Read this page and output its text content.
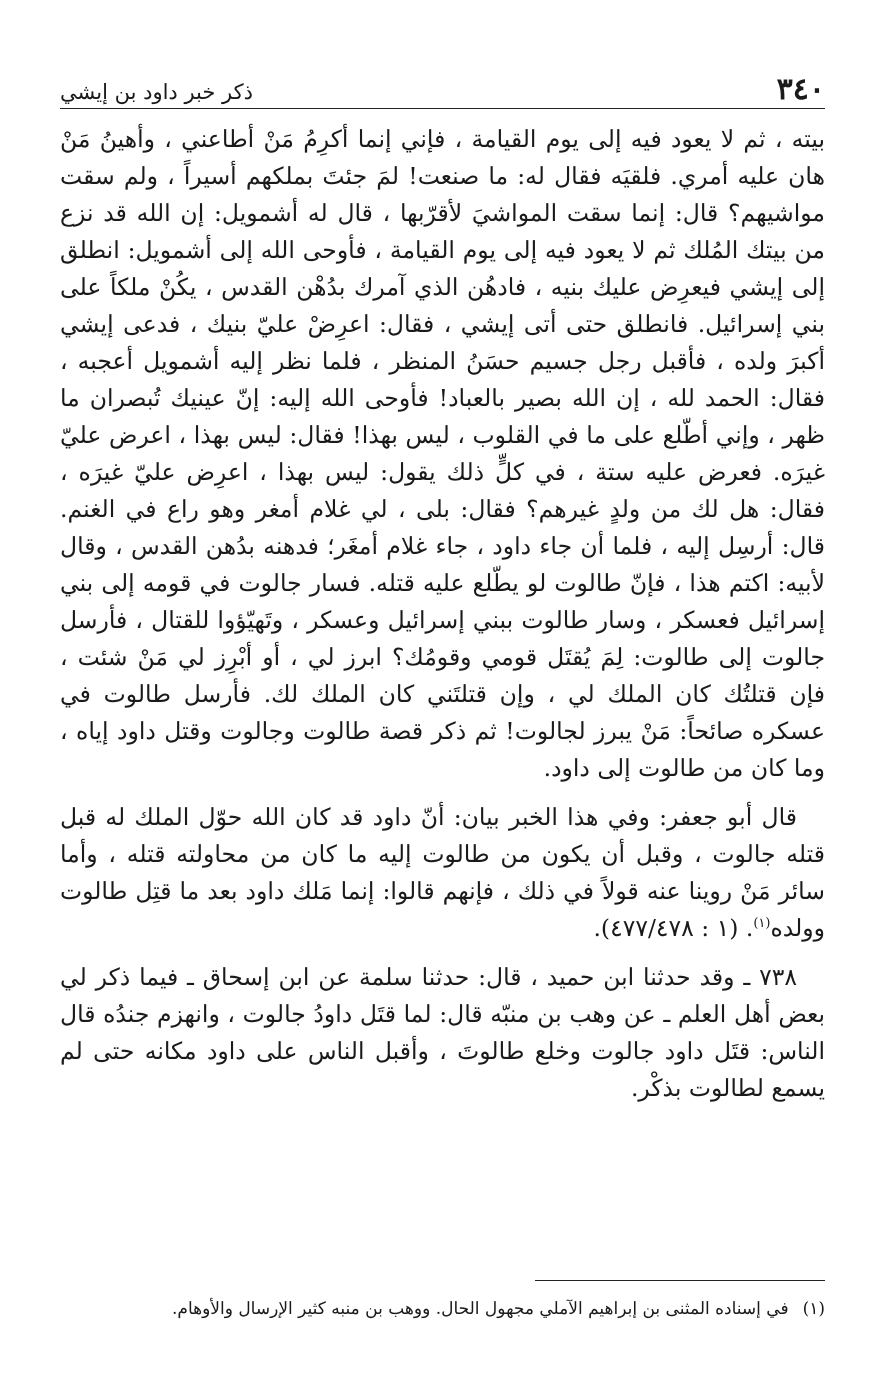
٣٤٠
ذكر خبر داود بن إيشي

بيته ، ثم لا يعود فيه إلى يوم القيامة ، فإني إنما أكرِمُ مَنْ أطاعني ، وأهينُ مَنْ هان عليه أمري. فلقيَه فقال له: ما صنعت! لمَ جئتَ بملكهم أسيراً ، ولم سقت مواشيهم؟ قال: إنما سقت المواشيَ لأقرّبها ، قال له أشمويل: إن الله قد نزع من بيتك المُلك ثم لا يعود فيه إلى يوم القيامة ، فأوحى الله إلى أشمويل: انطلق إلى إيشي فيعرِض عليك بنيه ، فادهُن الذي آمرك بدُهْن القدس ، يكُنْ ملكاً على بني إسرائيل. فانطلق حتى أتى إيشي ، فقال: اعرِضْ عليّ بنيك ، فدعى إيشي أكبرَ ولده ، فأقبل رجل جسيم حسَنُ المنظر ، فلما نظر إليه أشمويل أعجبه ، فقال: الحمد لله ، إن الله بصير بالعباد! فأوحى الله إليه: إنّ عينيك تُبصران ما ظهر ، وإني أطّلع على ما في القلوب ، ليس بهذا! فقال: ليس بهذا ، اعرض عليّ غيرَه. فعرض عليه ستة ، في كلٍّ ذلك يقول: ليس بهذا ، اعرِض عليّ غيرَه ، فقال: هل لك من ولدٍ غيرهم؟ فقال: بلى ، لي غلام أمغر وهو راع في الغنم. قال: أرسِل إليه ، فلما أن جاء داود ، جاء غلام أمغَر؛ فدهنه بدُهن القدس ، وقال لأبيه: اكتم هذا ، فإنّ طالوت لو يطّلع عليه قتله. فسار جالوت في قومه إلى بني إسرائيل فعسكر ، وسار طالوت ببني إسرائيل وعسكر ، وتَهيّؤوا للقتال ، فأرسل جالوت إلى طالوت: لِمَ يُقتَل قومي وقومُك؟ ابرز لي ، أو أبْرِز لي مَنْ شئت ، فإن قتلتُك كان الملك لي ، وإن قتلتَني كان الملك لك. فأرسل طالوت في عسكره صائحاً: مَنْ يبرز لجالوت! ثم ذكر قصة طالوت وجالوت وقتل داود إياه ، وما كان من طالوت إلى داود.

قال أبو جعفر: وفي هذا الخبر بيان: أنّ داود قد كان الله حوّل الملك له قبل قتله جالوت ، وقبل أن يكون من طالوت إليه ما كان من محاولته قتله ، وأما سائر مَنْ روينا عنه قولاً في ذلك ، فإنهم قالوا: إنما مَلك داود بعد ما قتِل طالوت وولده$^{(١)}$. (١ : ٤٧٧/٤٧٨).

٧٣٨ ـ وقد حدثنا ابن حميد ، قال: حدثنا سلمة عن ابن إسحاق ـ فيما ذكر لي بعض أهل العلم ـ عن وهب بن منبّه قال: لما قتَل داودُ جالوت ، وانهزم جندُه قال الناس: قتَل داود جالوت وخلع طالوتَ ، وأقبل الناس على داود مكانه حتى لم يسمع لطالوت بذكْر.

(١)في إسناده المثنى بن إبراهيم الآملي مجهول الحال. ووهب بن منبه كثير الإرسال والأوهام.
